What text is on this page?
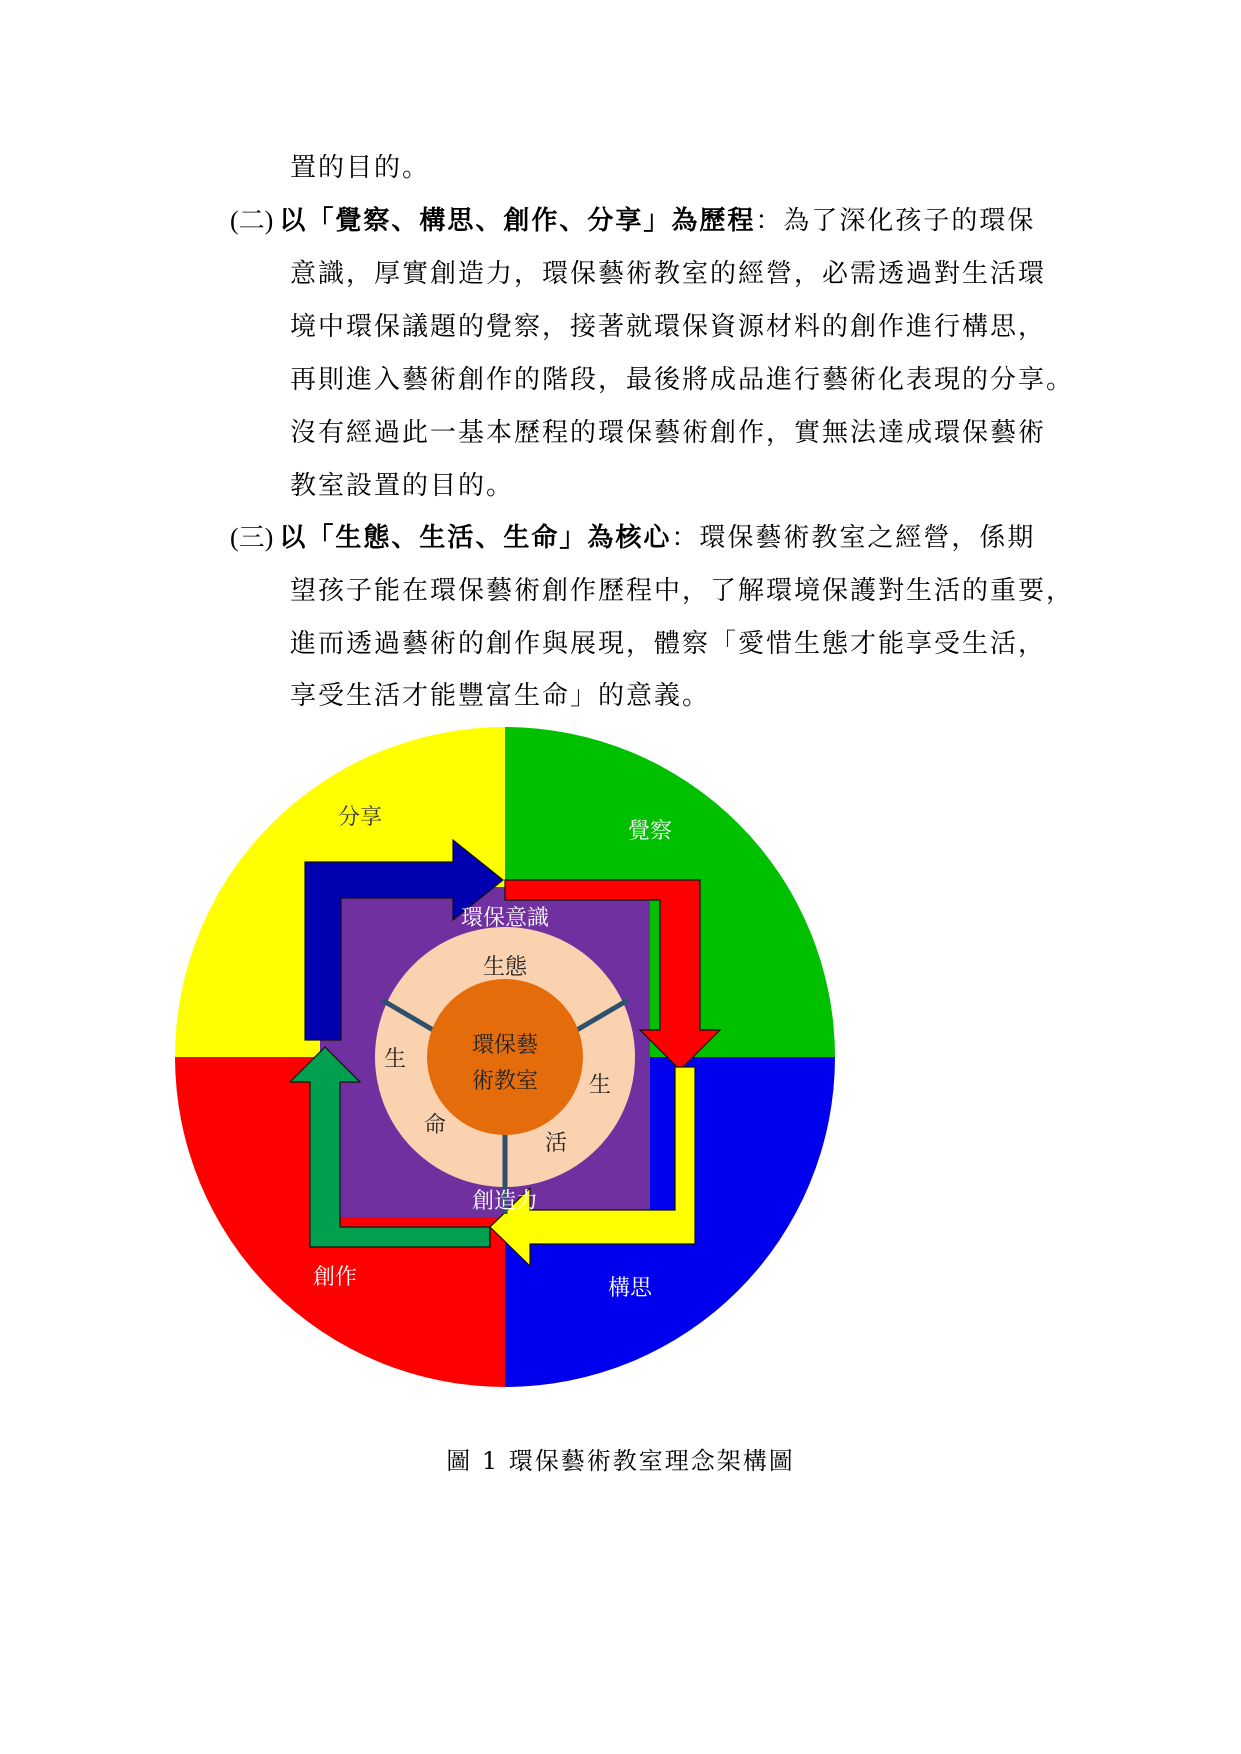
置的目的。
(二) 以「覺察、構思、創作、分享」為歷程：為了深化孩子的環保
意識，厚實創造力，環保藝術教室的經營，必需透過對生活環
境中環保議題的覺察，接著就環保資源材料的創作進行構思，
再則進入藝術創作的階段，最後將成品進行藝術化表現的分享。
沒有經過此一基本歷程的環保藝術創作，實無法達成環保藝術
教室設置的目的。
(三) 以「生態、生活、生命」為核心：環保藝術教室之經營，係期
望孩子能在環保藝術創作歷程中，了解環境保護對生活的重要，
進而透過藝術的創作與展現，體察「愛惜生態才能享受生活，
享受生活才能豐富生命」的意義。
分享
覺察
構思
創作
環保意識
創造力
生態
生
命
生
活
環保藝
術教室
圖 1 環保藝術教室理念架構圖
